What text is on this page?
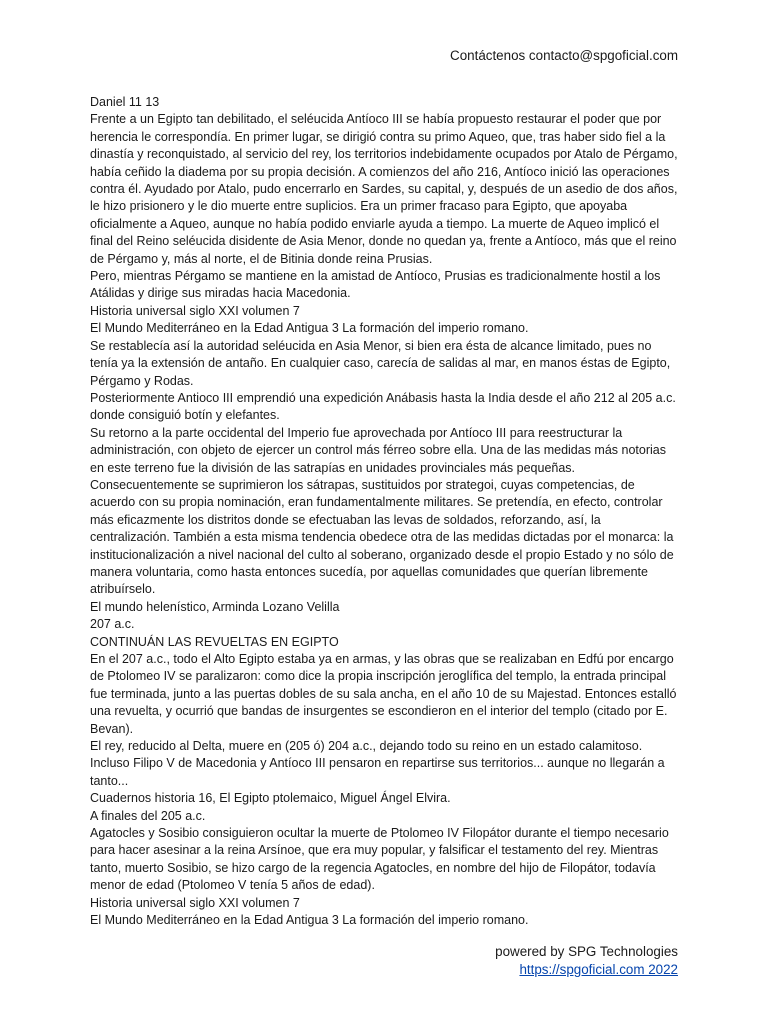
Contáctenos contacto@spgoficial.com

Daniel 11 13

Frente a un Egipto tan debilitado, el seléucida Antíoco III se había propuesto restaurar el poder que por herencia le correspondía. En primer lugar, se dirigió contra su primo Aqueo, que, tras haber sido fiel a la dinastía y reconquistado, al servicio del rey, los territorios indebidamente ocupados por Atalo de Pérgamo, había ceñido la diadema por su propia decisión. A comienzos del año 216, Antíoco inició las operaciones contra él. Ayudado por Atalo, pudo encerrarlo en Sardes, su capital, y, después de un asedio de dos años, le hizo prisionero y le dio muerte entre suplicios. Era un primer fracaso para Egipto, que apoyaba oficialmente a Aqueo, aunque no había podido enviarle ayuda a tiempo. La muerte de Aqueo implicó el final del Reino seléucida disidente de Asia Menor, donde no quedan ya, frente a Antíoco, más que el reino de Pérgamo y, más al norte, el de Bitinia donde reina Prusias.

Pero, mientras Pérgamo se mantiene en la amistad de Antíoco, Prusias es tradicionalmente hostil a los Atálidas y dirige sus miradas hacia Macedonia.

Historia universal siglo XXI volumen 7

El Mundo Mediterráneo en la Edad Antigua 3 La formación del imperio romano.

Se restablecía así la autoridad seléucida en Asia Menor, si bien era ésta de alcance limitado, pues no tenía ya la extensión de antaño. En cualquier caso, carecía de salidas al mar, en manos éstas de Egipto, Pérgamo y Rodas.

Posteriormente Antioco III emprendió una expedición Anábasis hasta la India desde el año 212 al 205 a.c. donde consiguió botín y elefantes.

Su retorno a la parte occidental del Imperio fue aprovechada por Antíoco III para reestructurar la administración, con objeto de ejercer un control más férreo sobre ella. Una de las medidas más notorias en este terreno fue la división de las satrapías en unidades provinciales más pequeñas. Consecuentemente se suprimieron los sátrapas, sustituidos por strategoi, cuyas competencias, de acuerdo con su propia nominación, eran fundamentalmente militares. Se pretendía, en efecto, controlar más eficazmente los distritos donde se efectuaban las levas de soldados, reforzando, así, la centralización. También a esta misma tendencia obedece otra de las medidas dictadas por el monarca: la institucionalización a nivel nacional del culto al soberano, organizado desde el propio Estado y no sólo de manera voluntaria, como hasta entonces sucedía, por aquellas comunidades que querían libremente atribuírselo.

El mundo helenístico, Arminda Lozano Velilla

207 a.c.

CONTINUÁN LAS REVUELTAS EN EGIPTO

En el 207 a.c., todo el Alto Egipto estaba ya en armas, y las obras que se realizaban en Edfú por encargo de Ptolomeo IV se paralizaron: como dice la propia inscripción jeroglífica del templo, la entrada principal fue terminada, junto a las puertas dobles de su sala ancha, en el año 10 de su Majestad. Entonces estalló una revuelta, y ocurrió que bandas de insurgentes se escondieron en el interior del templo (citado por E. Bevan).

El rey, reducido al Delta, muere en (205 ó) 204 a.c., dejando todo su reino en un estado calamitoso. Incluso Filipo V de Macedonia y Antíoco III pensaron en repartirse sus territorios... aunque no llegarán a tanto...

Cuadernos historia 16, El Egipto ptolemaico, Miguel Ángel Elvira.

A finales del 205 a.c.

Agatocles y Sosibio consiguieron ocultar la muerte de Ptolomeo IV Filopátor durante el tiempo necesario para hacer asesinar a la reina Arsínoe, que era muy popular, y falsificar el testamento del rey. Mientras tanto, muerto Sosibio, se hizo cargo de la regencia Agatocles, en nombre del hijo de Filopátor, todavía menor de edad (Ptolomeo V tenía 5 años de edad).

Historia universal siglo XXI volumen 7

El Mundo Mediterráneo en la Edad Antigua 3 La formación del imperio romano.

powered by SPG Technologies
https://spgoficial.com 2022
